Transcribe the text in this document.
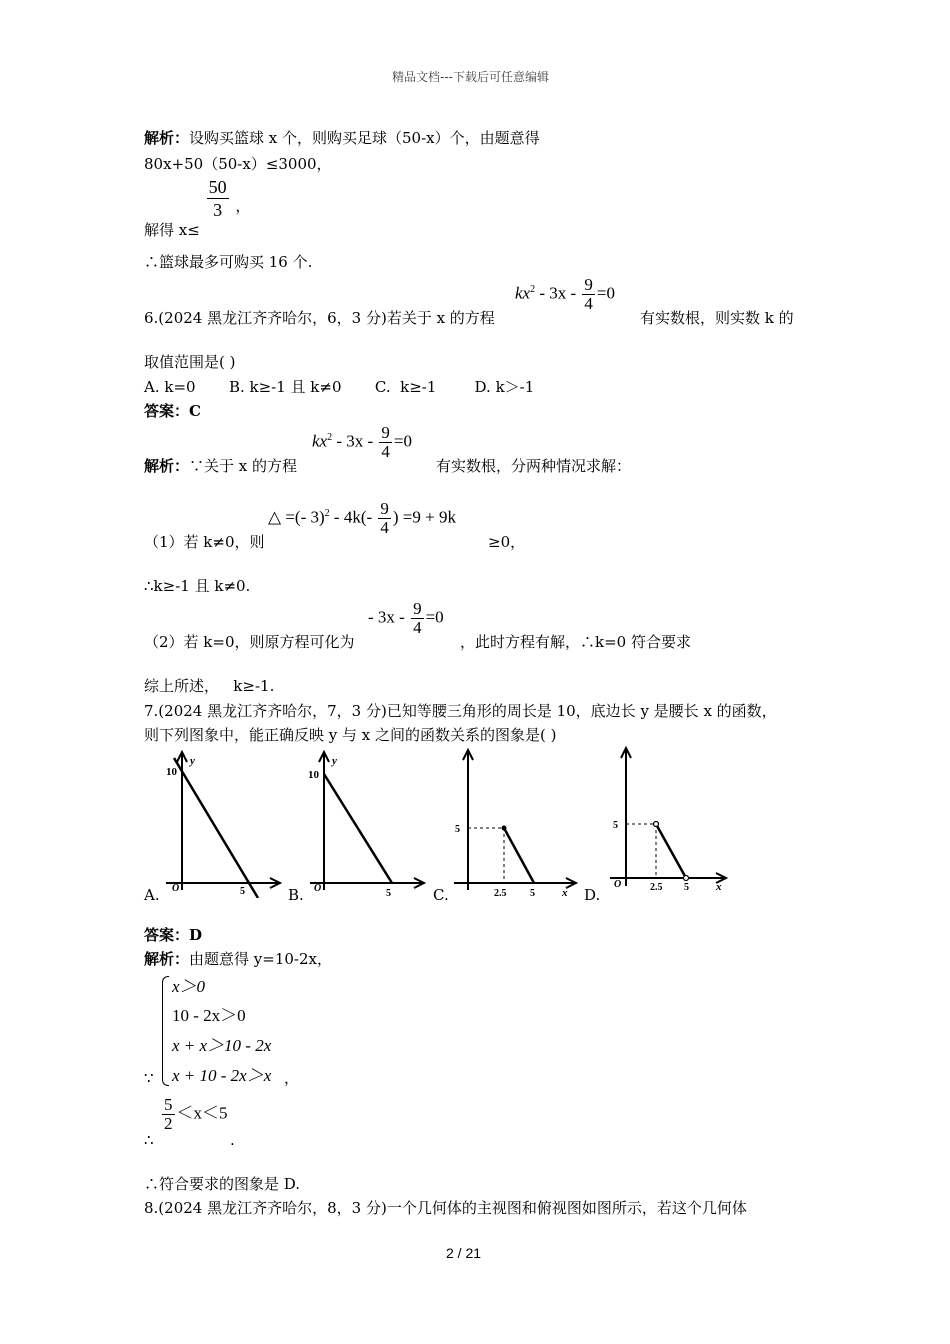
精品文档---下载后可任意编辑
解析：设购买篮球 x 个，则购买足球（50-x）个，由题意得
80x+50（50-x）≤3000，
解得 x≤
$\frac{50}{3}$ ，
∴篮球最多可购买 16 个.
6.(2024 黑龙江齐齐哈尔，6，3 分)若关于 x 的方程
$kx^2 - 3x - \frac{9}{4} =0$
有实数根，则实数 k 的
取值范围是( )
A. k=0       B. k≥-1 且 k≠0       C.  k≥-1        D. k＞-1
答案：C
解析：∵关于 x 的方程
$kx^2 - 3x - \frac{9}{4} =0$
有实数根，分两种情况求解：
（1）若 k≠0，则
△ =(- $3)^2 - 4k(- \frac{9}{4}$ ) =9 + 9k
≥0，
∴k≥-1 且 k≠0.
（2）若 k=0，则原方程可化为
- $3x - \frac{9}{4} =0$
，此时方程有解，∴k=0 符合要求
综上所述，   k≥-1.
7.(2024 黑龙江齐齐哈尔，7，3 分)已知等腰三角形的周长是 10，底边长 y 是腰长 x 的函数，
则下列图象中，能正确反映 y 与 x 之间的函数关系的图象是( )
A.
y
10
O	5	B.
y
10
O	5	C.
5
2.5 5 x D.
5
O	2.5 5 x
答案：D
解析：由题意得 y=10-2x，
∵
x＞0
10 - 2x＞0
x + x＞10 - 2x
x + 10 - 2x＞x ，
∴
$\frac{5}{2} <x<5$
.
∴符合要求的图象是 D.
8.(2024 黑龙江齐齐哈尔，8，3 分)一个几何体的主视图和俯视图如图所示，若这个几何体
2 / 21
